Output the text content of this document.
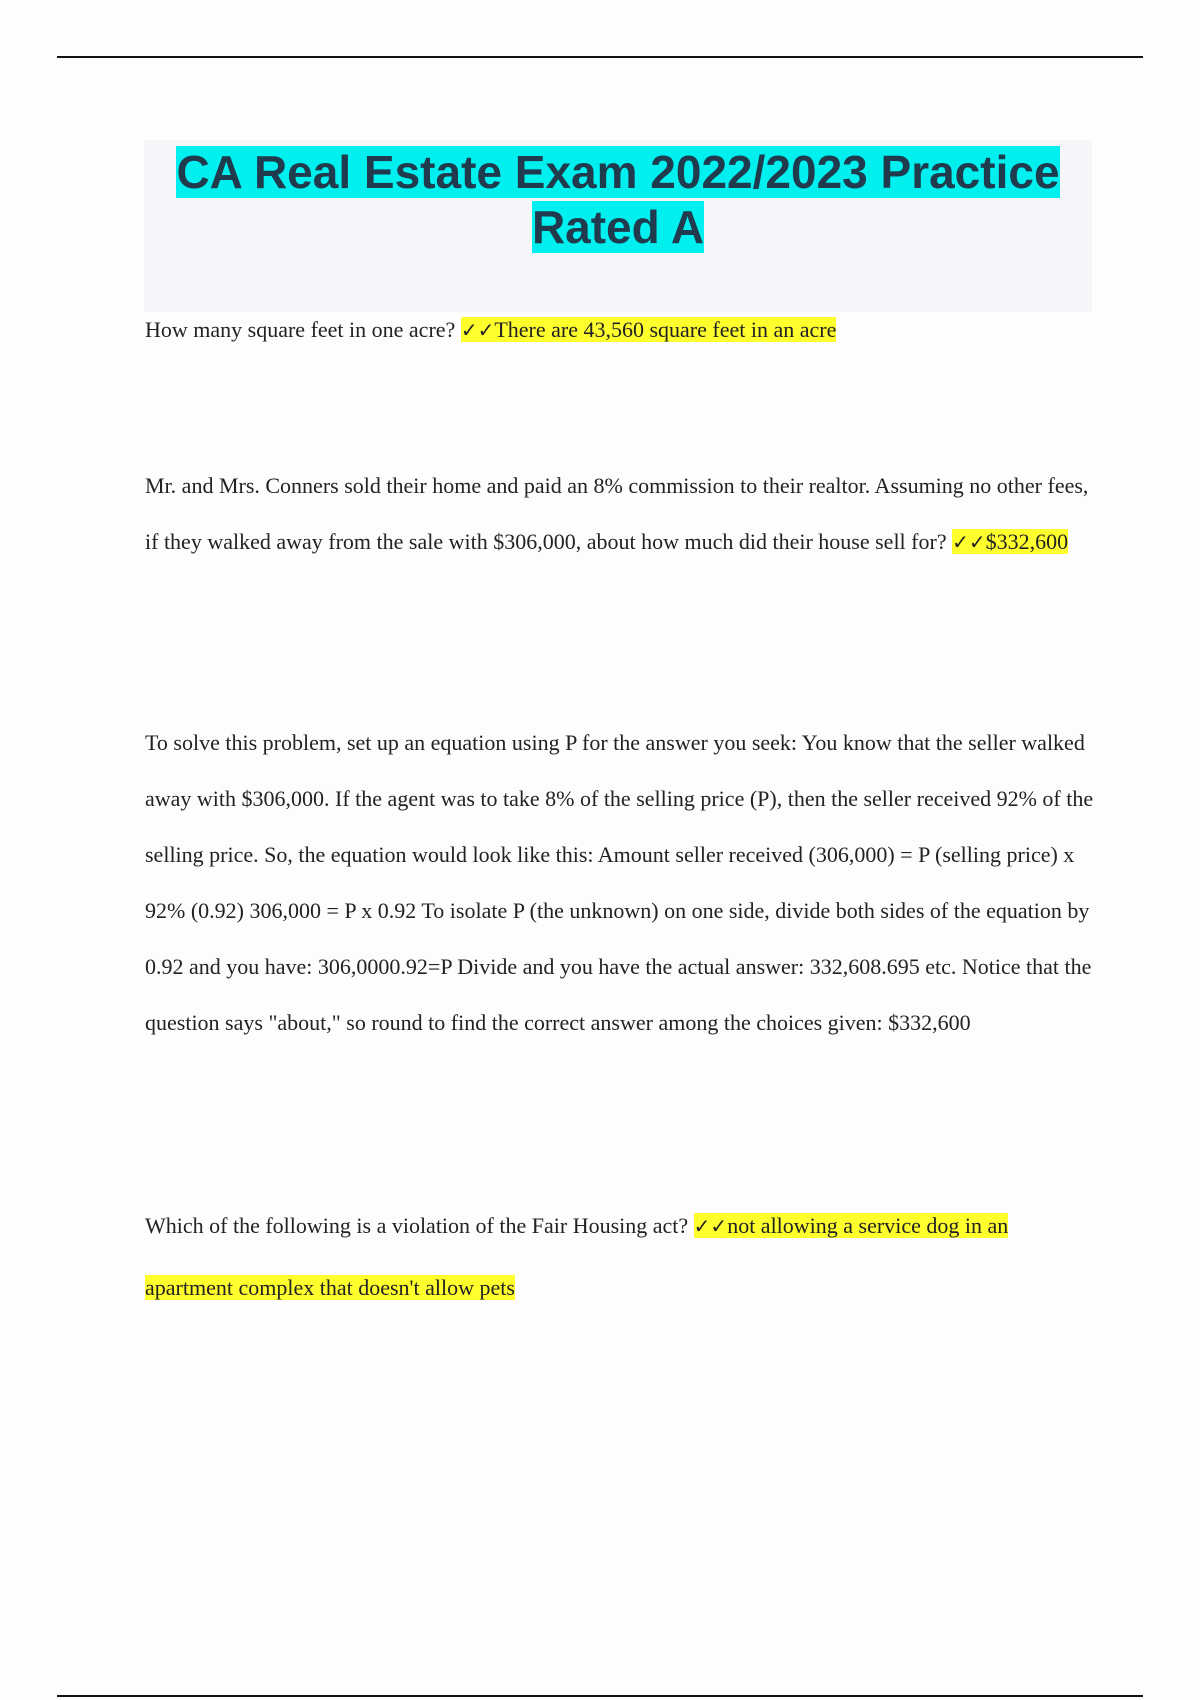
CA Real Estate Exam 2022/2023 Practice Rated A
How many square feet in one acre? ✓✓There are 43,560 square feet in an acre
Mr. and Mrs. Conners sold their home and paid an 8% commission to their realtor. Assuming no other fees, if they walked away from the sale with $306,000, about how much did their house sell for? ✓✓$332,600
To solve this problem, set up an equation using P for the answer you seek: You know that the seller walked away with $306,000. If the agent was to take 8% of the selling price (P), then the seller received 92% of the selling price. So, the equation would look like this: Amount seller received (306,000) = P (selling price) x 92% (0.92) 306,000 = P x 0.92 To isolate P (the unknown) on one side, divide both sides of the equation by 0.92 and you have: 306,0000.92=P Divide and you have the actual answer: 332,608.695 etc. Notice that the question says "about," so round to find the correct answer among the choices given: $332,600
Which of the following is a violation of the Fair Housing act? ✓✓not allowing a service dog in an apartment complex that doesn't allow pets
